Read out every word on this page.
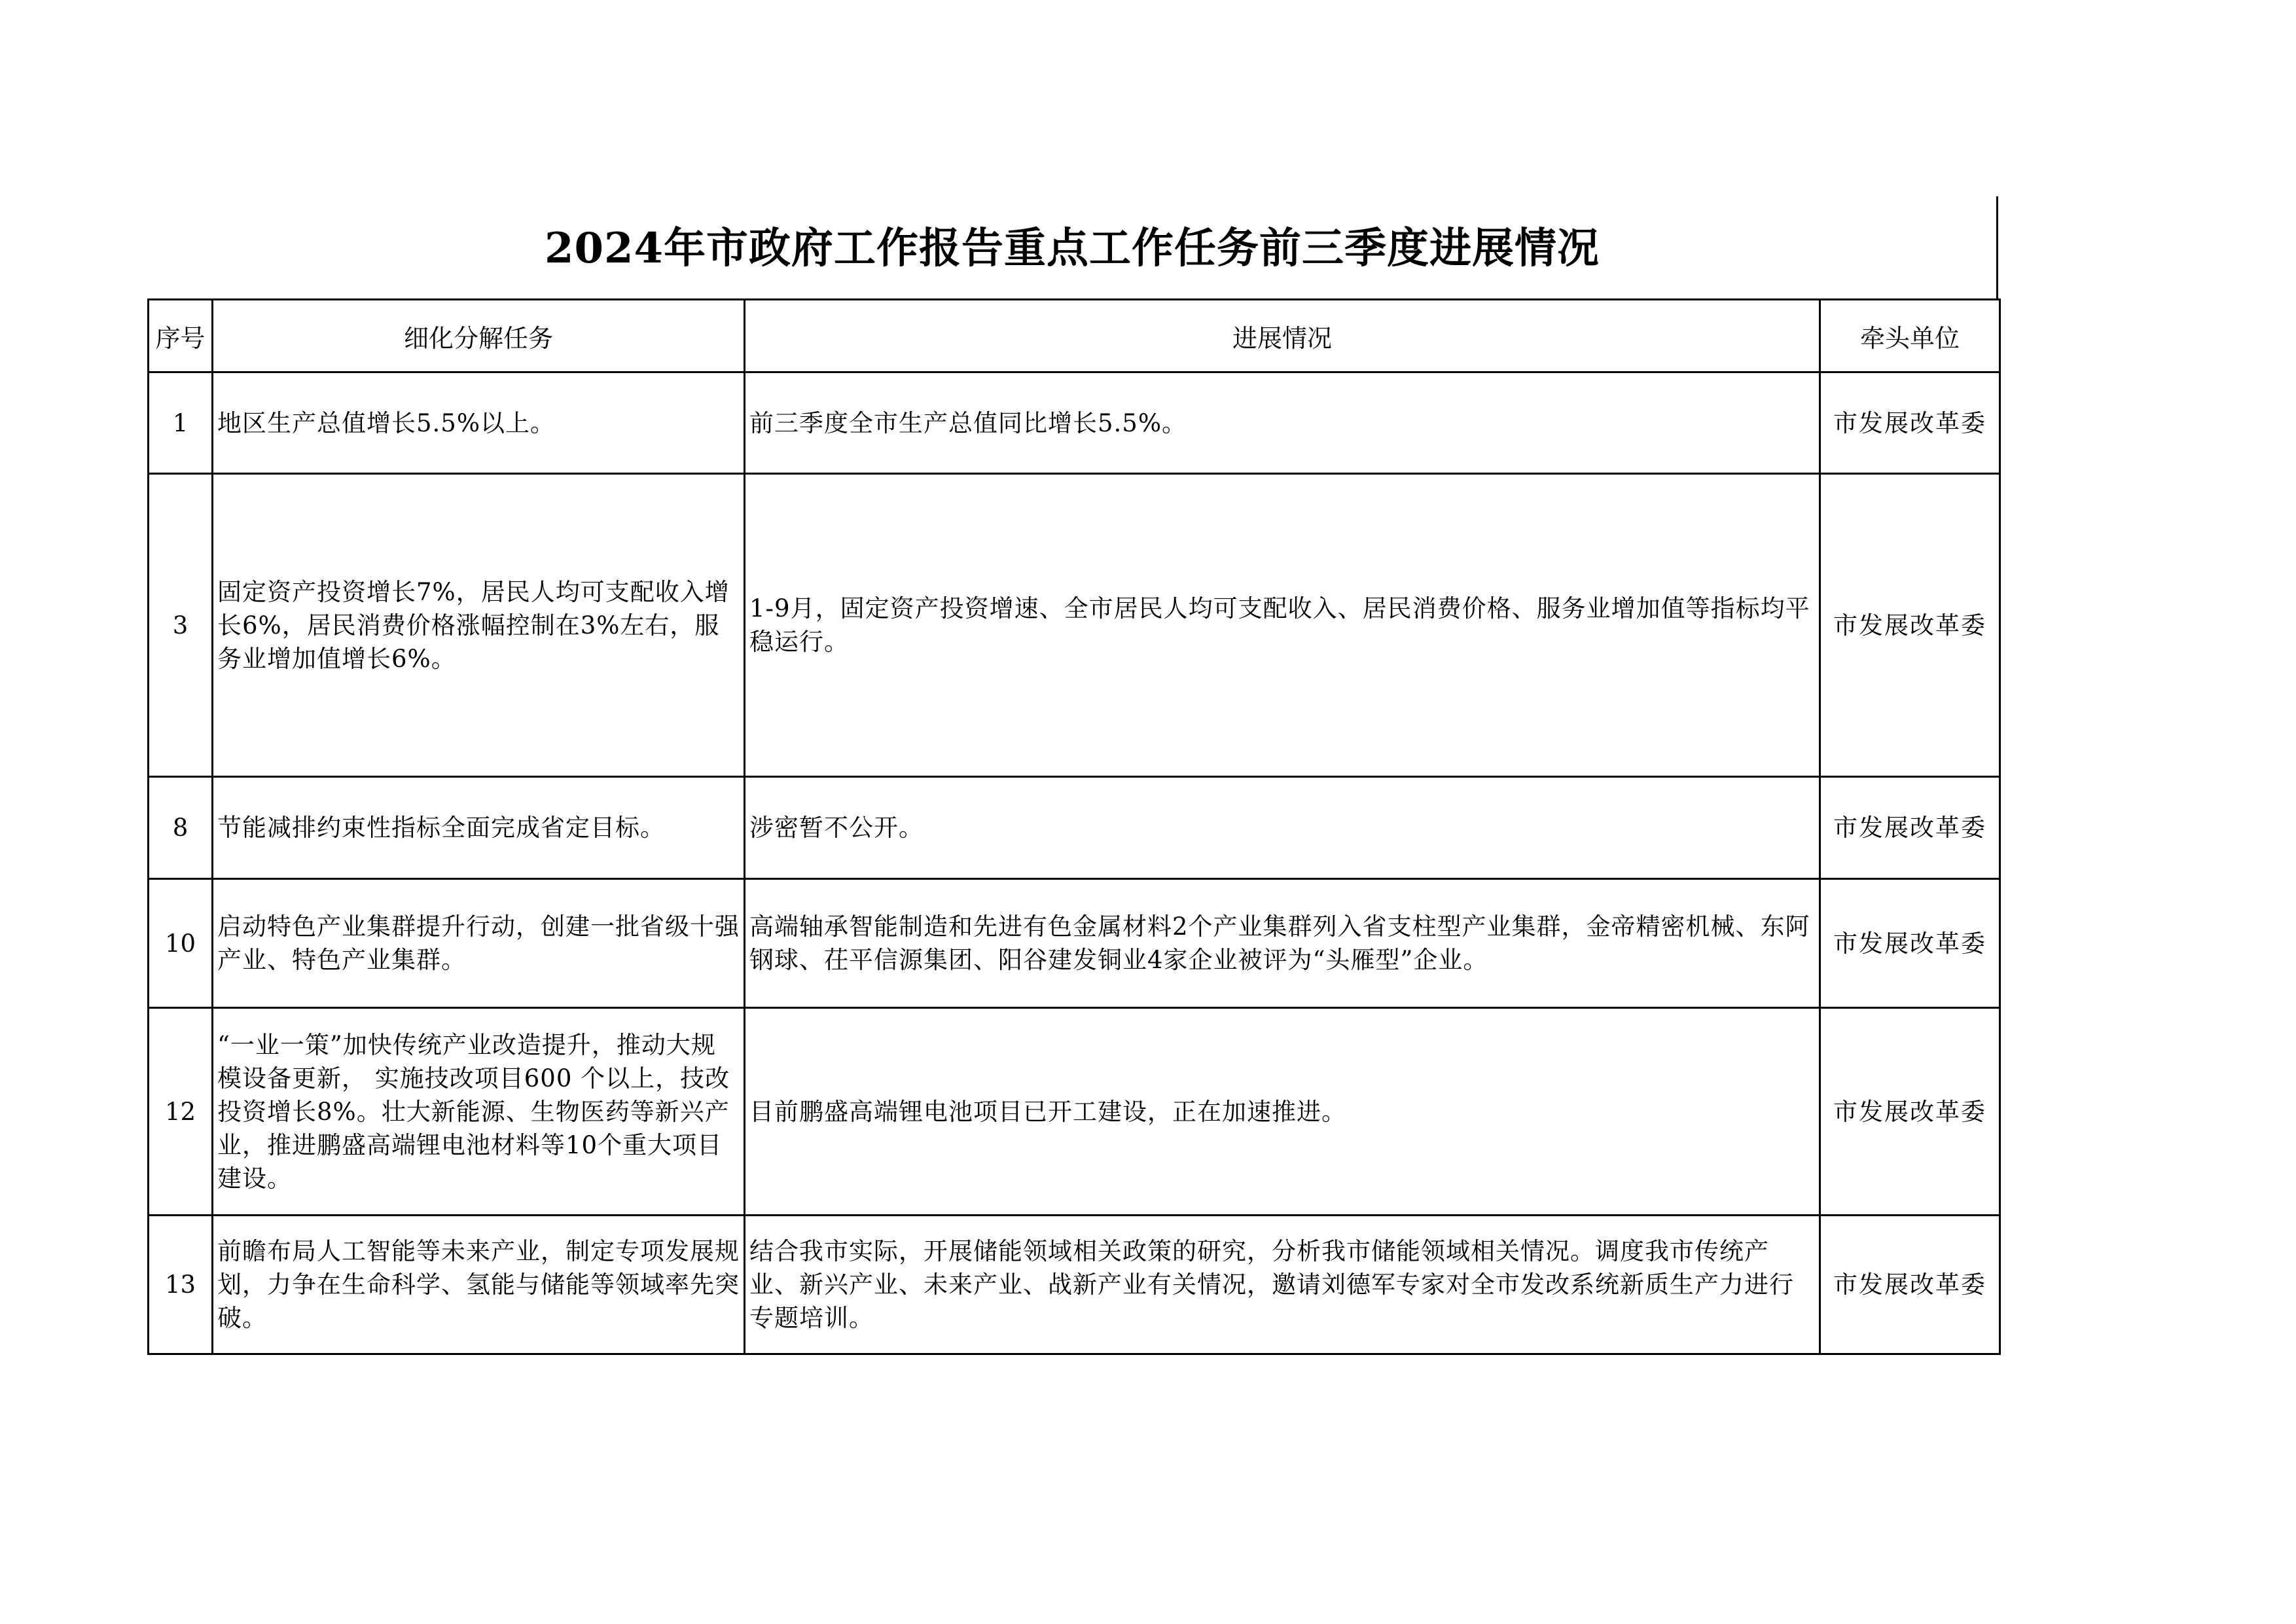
2024年市政府工作报告重点工作任务前三季度进展情况
序号	细化分解任务	进展情况	牵头单位
1	地区生产总值增长5.5%以上。	前三季度全市生产总值同比增长5.5%。	市发展改革委
3	固定资产投资增长7%，居民人均可支配收入增长6%，居民消费价格涨幅控制在3%左右，服务业增加值增长6%。	1-9月，固定资产投资增速、全市居民人均可支配收入、居民消费价格、服务业增加值等指标均平稳运行。	市发展改革委
8	节能减排约束性指标全面完成省定目标。	涉密暂不公开。	市发展改革委
10	启动特色产业集群提升行动，创建一批省级十强产业、特色产业集群。	高端轴承智能制造和先进有色金属材料2个产业集群列入省支柱型产业集群，金帝精密机械、东阿钢球、茌平信源集团、阳谷建发铜业4家企业被评为“头雁型”企业。	市发展改革委
12	“一业一策”加快传统产业改造提升，推动大规模设备更新， 实施技改项目600 个以上，技改投资增长8%。壮大新能源、生物医药等新兴产业，推进鹏盛高端锂电池材料等10个重大项目建设。	目前鹏盛高端锂电池项目已开工建设，正在加速推进。	市发展改革委
13	前瞻布局人工智能等未来产业，制定专项发展规划，力争在生命科学、氢能与储能等领域率先突破。	结合我市实际，开展储能领域相关政策的研究，分析我市储能领域相关情况。调度我市传统产业、新兴产业、未来产业、战新产业有关情况，邀请刘德军专家对全市发改系统新质生产力进行专题培训。	市发展改革委
